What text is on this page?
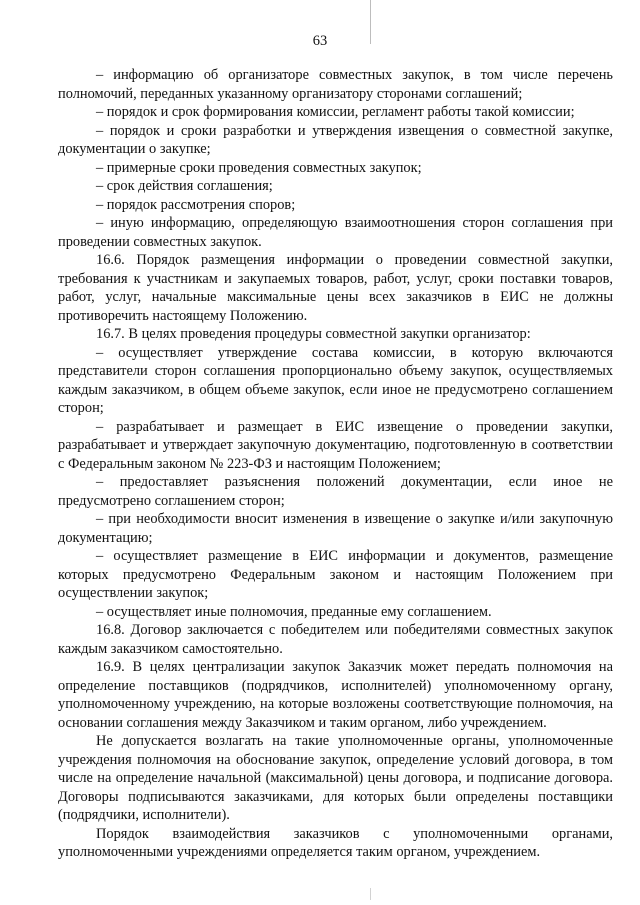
63

– информацию об организаторе совместных закупок, в том числе перечень полномочий, переданных указанному организатору сторонами соглашений;

– порядок и срок формирования комиссии, регламент работы такой комиссии;

– порядок и сроки разработки и утверждения извещения о совместной закупке, документации о закупке;

– примерные сроки проведения совместных закупок;

– срок действия соглашения;

– порядок рассмотрения споров;

– иную информацию, определяющую взаимоотношения сторон соглашения при проведении совместных закупок.

16.6. Порядок размещения информации о проведении совместной закупки, требования к участникам и закупаемых товаров, работ, услуг, сроки поставки товаров, работ, услуг, начальные максимальные цены всех заказчиков в ЕИС не должны противоречить настоящему Положению.

16.7. В целях проведения процедуры совместной закупки организатор:

– осуществляет утверждение состава комиссии, в которую включаются представители сторон соглашения пропорционально объему закупок, осуществляемых каждым заказчиком, в общем объеме закупок, если иное не предусмотрено соглашением сторон;

– разрабатывает и размещает в ЕИС извещение о проведении закупки, разрабатывает и утверждает закупочную документацию, подготовленную в соответствии с Федеральным законом № 223-ФЗ и настоящим Положением;

– предоставляет разъяснения положений документации, если иное не предусмотрено соглашением сторон;

– при необходимости вносит изменения в извещение о закупке и/или закупочную документацию;

– осуществляет размещение в ЕИС информации и документов, размещение которых предусмотрено Федеральным законом и настоящим Положением при осуществлении закупок;

– осуществляет иные полномочия, преданные ему соглашением.

16.8. Договор заключается с победителем или победителями совместных закупок каждым заказчиком самостоятельно.

16.9. В целях централизации закупок Заказчик может передать полномочия на определение поставщиков (подрядчиков, исполнителей) уполномоченному органу, уполномоченному учреждению, на которые возложены соответствующие полномочия, на основании соглашения между Заказчиком и таким органом, либо учреждением.

Не допускается возлагать на такие уполномоченные органы, уполномоченные учреждения полномочия на обоснование закупок, определение условий договора, в том числе на определение начальной (максимальной) цены договора, и подписание договора. Договоры подписываются заказчиками, для которых были определены поставщики (подрядчики, исполнители).

Порядок взаимодействия заказчиков с уполномоченными органами, уполномоченными учреждениями определяется таким органом, учреждением.
